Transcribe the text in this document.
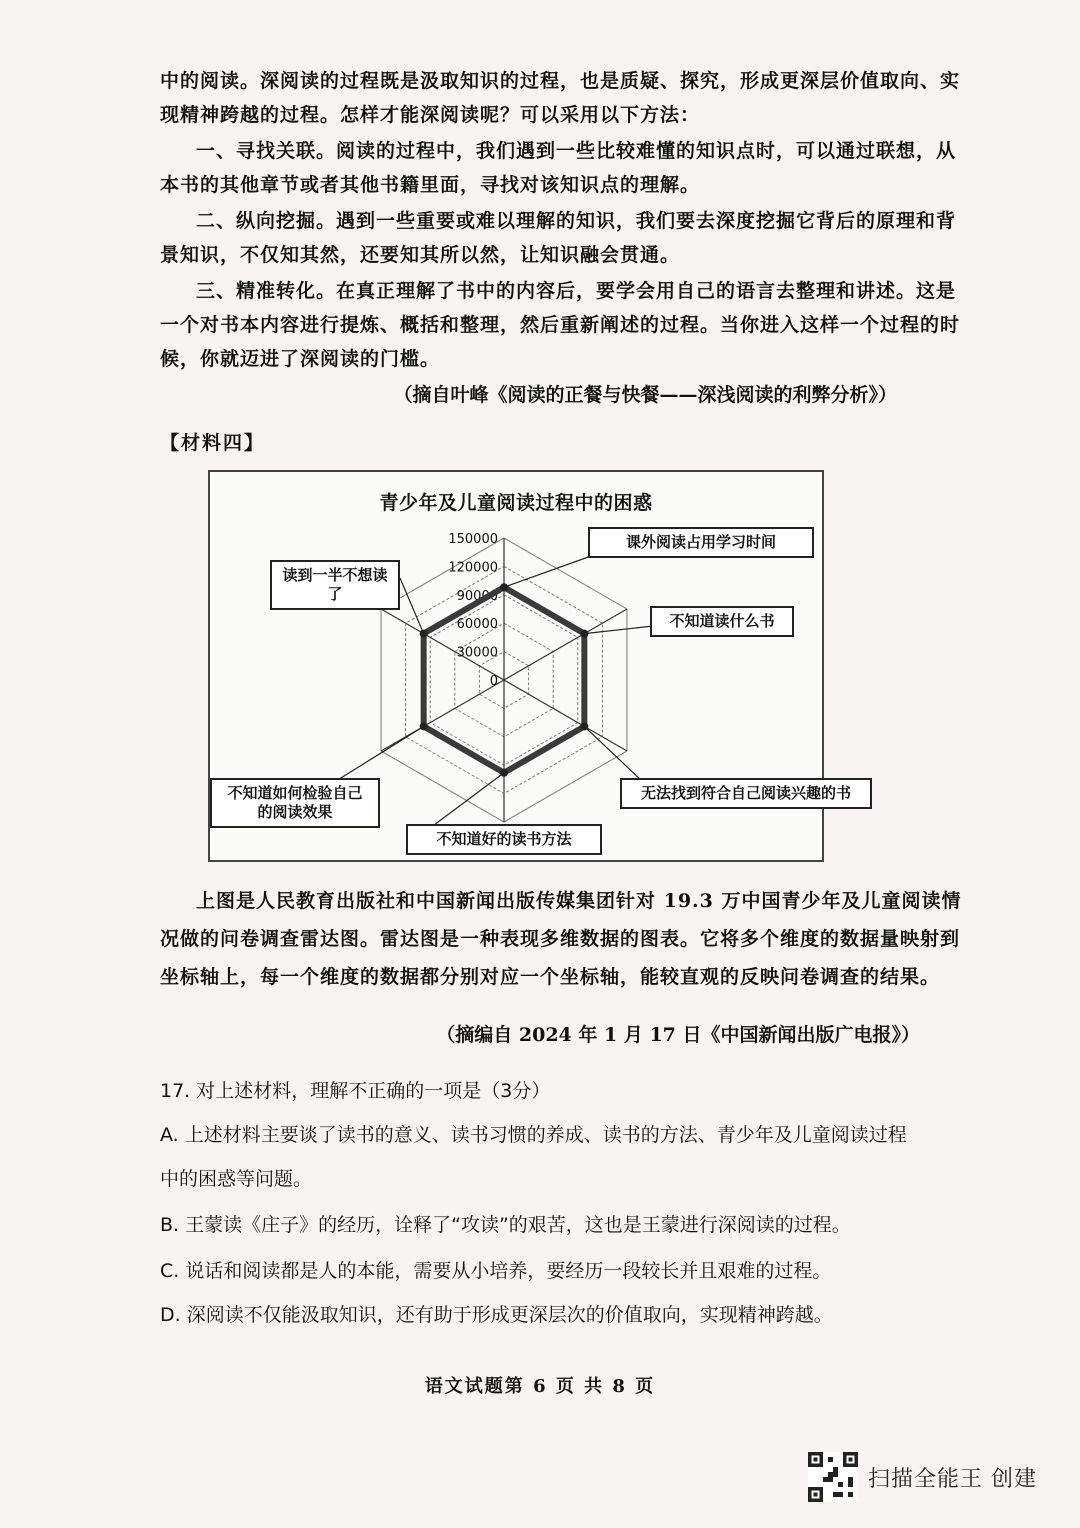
中的阅读。深阅读的过程既是汲取知识的过程，也是质疑、探究，形成更深层价值取向、实
现精神跨越的过程。怎样才能深阅读呢？可以采用以下方法：
一、寻找关联。阅读的过程中，我们遇到一些比较难懂的知识点时，可以通过联想，从
本书的其他章节或者其他书籍里面，寻找对该知识点的理解。
二、纵向挖掘。遇到一些重要或难以理解的知识，我们要去深度挖掘它背后的原理和背
景知识，不仅知其然，还要知其所以然，让知识融会贯通。
三、精准转化。在真正理解了书中的内容后，要学会用自己的语言去整理和讲述。这是
一个对书本内容进行提炼、概括和整理，然后重新阐述的过程。当你进入这样一个过程的时
候，你就迈进了深阅读的门槛。
（摘自叶峰《阅读的正餐与快餐——深浅阅读的利弊分析》）
【材料四】
青少年及儿童阅读过程中的困惑
150000
120000
90000
60000
30000
0
课外阅读占用学习时间
不知道读什么书
无法找到符合自己阅读兴趣的书
不知道好的读书方法
不知道如何检验自己
的阅读效果
读到一半不想读
了
上图是人民教育出版社和中国新闻出版传媒集团针对 19.3 万中国青少年及儿童阅读情
况做的问卷调查雷达图。雷达图是一种表现多维数据的图表。它将多个维度的数据量映射到
坐标轴上，每一个维度的数据都分别对应一个坐标轴，能较直观的反映问卷调查的结果。
（摘编自 2024 年 1 月 17 日《中国新闻出版广电报》）
17. 对上述材料，理解不正确的一项是（3分）
A. 上述材料主要谈了读书的意义、读书习惯的养成、读书的方法、青少年及儿童阅读过程
中的困惑等问题。
B. 王蒙读《庄子》的经历，诠释了“攻读”的艰苦，这也是王蒙进行深阅读的过程。
C. 说话和阅读都是人的本能，需要从小培养，要经历一段较长并且艰难的过程。
D. 深阅读不仅能汲取知识，还有助于形成更深层次的价值取向，实现精神跨越。
语文试题第 6 页 共 8 页
扫描全能王 创建
